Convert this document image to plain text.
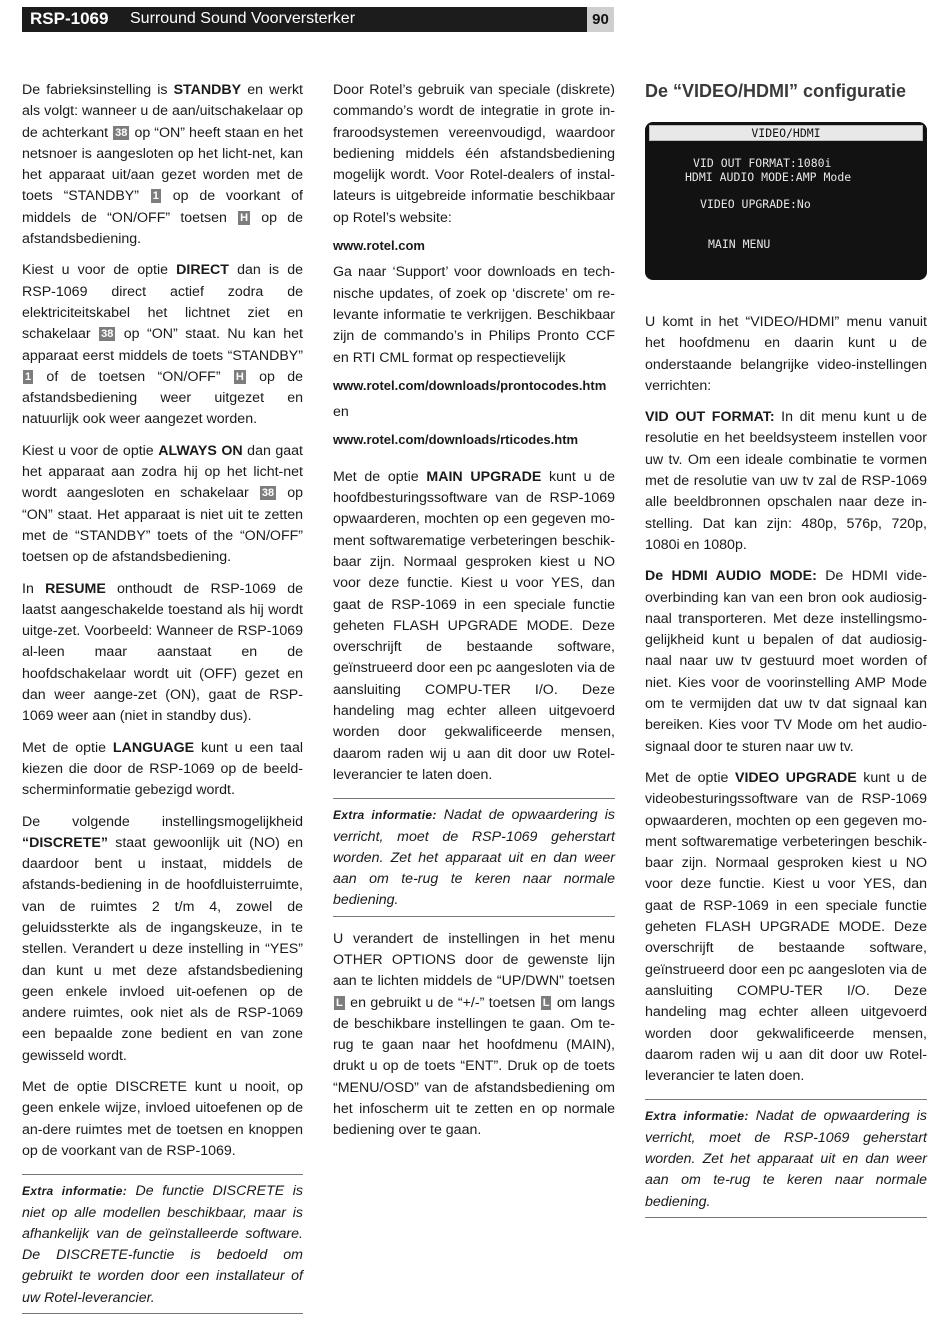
RSP-1069 Surround Sound Voorversterker	90

De fabrieksinstelling is STANDBY en werkt als volgt: wanneer u de aan/uitschakelaar op de achterkant 38 op “ON” heeft staan en het netsnoer is aangesloten op het licht-net, kan het apparaat uit/aan gezet worden met de toets “STANDBY” 1 op de voorkant of middels de “ON/OFF” toetsen H op de afstandsbediening.

Kiest u voor de optie DIRECT dan is de RSP-1069 direct actief zodra de elektriciteitskabel het lichtnet ziet en schakelaar 38 op “ON” staat. Nu kan het apparaat eerst middels de toets “STANDBY” 1 of de toetsen “ON/OFF” H op de afstandsbediening weer uitgezet en natuurlijk ook weer aangezet worden.

Kiest u voor de optie ALWAYS ON dan gaat het apparaat aan zodra hij op het licht-net wordt aangesloten en schakelaar 38 op “ON” staat. Het apparaat is niet uit te zetten met de “STANDBY” toets of the “ON/OFF” toetsen op de afstandsbediening.

In RESUME onthoudt de RSP-1069 de laatst aangeschakelde toestand als hij wordt uitge-zet. Voorbeeld: Wanneer de RSP-1069 al-leen maar aanstaat en de hoofdschakelaar wordt uit (OFF) gezet en dan weer aange-zet (ON), gaat de RSP-1069 weer aan (niet in standby dus).

Met de optie LANGUAGE kunt u een taal kiezen die door de RSP-1069 op de beeld-scherminformatie gebezigd wordt.

De volgende instellingsmogelijkheid “DISCRETE” staat gewoonlijk uit (NO) en daardoor bent u instaat, middels de afstands-bediening in de hoofdluisterruimte, van de ruimtes 2 t/m 4, zowel de geluidssterkte als de ingangskeuze, in te stellen. Verandert u deze instelling in “YES” dan kunt u met deze afstandsbediening geen enkele invloed uit-oefenen op de andere ruimtes, ook niet als de RSP-1069 een bepaalde zone bedient en van zone gewisseld wordt.

Met de optie DISCRETE kunt u nooit, op geen enkele wijze, invloed uitoefenen op de an-dere ruimtes met de toetsen en knoppen op de voorkant van de RSP-1069.

Extra informatie: De functie DISCRETE is niet op alle modellen beschikbaar, maar is afhankelijk van de geïnstalleerde software. De DISCRETE-functie is bedoeld om gebruikt te worden door een installateur of uw Rotel-leverancier.

Door Rotel’s gebruik van speciale (diskrete) commando’s wordt de integratie in grote in-fraroodsystemen vereenvoudigd, waardoor bediening middels één afstandsbediening mogelijk wordt. Voor Rotel-dealers of instal-lateurs is uitgebreide informatie beschikbaar op Rotel’s website:

www.rotel.com

Ga naar ‘Support’ voor downloads en tech-nische updates, of zoek op ‘discrete’ om re-levante informatie te verkrijgen. Beschikbaar zijn de commando’s in Philips Pronto CCF en RTI CML format op respectievelijk

www.rotel.com/downloads/prontocodes.htm
en
www.rotel.com/downloads/rticodes.htm

Met de optie MAIN UPGRADE kunt u de hoofdbesturingssoftware van de RSP-1069 opwaarderen, mochten op een gegeven mo-ment softwarematige verbeteringen beschik-baar zijn. Normaal gesproken kiest u NO voor deze functie. Kiest u voor YES, dan gaat de RSP-1069 in een speciale functie geheten FLASH UPGRADE MODE. Deze overschrijft de bestaande software, geïnstrueerd door een pc aangesloten via de aansluiting COMPU-TER I/O. Deze handeling mag echter alleen uitgevoerd worden door gekwalificeerde mensen, daarom raden wij u aan dit door uw Rotel-leverancier te laten doen.

Extra informatie: Nadat de opwaardering is verricht, moet de RSP-1069 geherstart worden. Zet het apparaat uit en dan weer aan om te-rug te keren naar normale bediening.

U verandert de instellingen in het menu OTHER OPTIONS door de gewenste lijn aan te lichten middels de “UP/DWN” toetsen L en gebruikt u de “+/-” toetsen L om langs de beschikbare instellingen te gaan. Om te-rug te gaan naar het hoofdmenu (MAIN), drukt u op de toets “ENT”. Druk op de toets “MENU/OSD” van de afstandsbediening om het infoscherm uit te zetten en op normale bediening over te gaan.

De “VIDEO/HDMI” configuratie
VIDEO/HDMI
VID OUT FORMAT:1080i
HDMI AUDIO MODE:AMP Mode
VIDEO UPGRADE:No
MAIN MENU

U komt in het “VIDEO/HDMI” menu vanuit het hoofdmenu en daarin kunt u de onderstaande belangrijke video-instellingen verrichten:

VID OUT FORMAT: In dit menu kunt u de resolutie en het beeldsysteem instellen voor uw tv. Om een ideale combinatie te vormen met de resolutie van uw tv zal de RSP-1069 alle beeldbronnen opschalen naar deze in-stelling. Dat kan zijn: 480p, 576p, 720p, 1080i en 1080p.

De HDMI AUDIO MODE: De HDMI vide-overbinding kan van een bron ook audiosig-naal transporteren. Met deze instellingsmo-gelijkheid kunt u bepalen of dat audiosig-naal naar uw tv gestuurd moet worden of niet. Kies voor de voorinstelling AMP Mode om te vermijden dat uw tv dat signaal kan bereiken. Kies voor TV Mode om het audio-signaal door te sturen naar uw tv.

Met de optie VIDEO UPGRADE kunt u de videobesturingssoftware van de RSP-1069 opwaarderen, mochten op een gegeven mo-ment softwarematige verbeteringen beschik-baar zijn. Normaal gesproken kiest u NO voor deze functie. Kiest u voor YES, dan gaat de RSP-1069 in een speciale functie geheten FLASH UPGRADE MODE. Deze overschrijft de bestaande software, geïnstrueerd door een pc aangesloten via de aansluiting COMPU-TER I/O. Deze handeling mag echter alleen uitgevoerd worden door gekwalificeerde mensen, daarom raden wij u aan dit door uw Rotel-leverancier te laten doen.

Extra informatie: Nadat de opwaardering is verricht, moet de RSP-1069 geherstart worden. Zet het apparaat uit en dan weer aan om te-rug te keren naar normale bediening.
